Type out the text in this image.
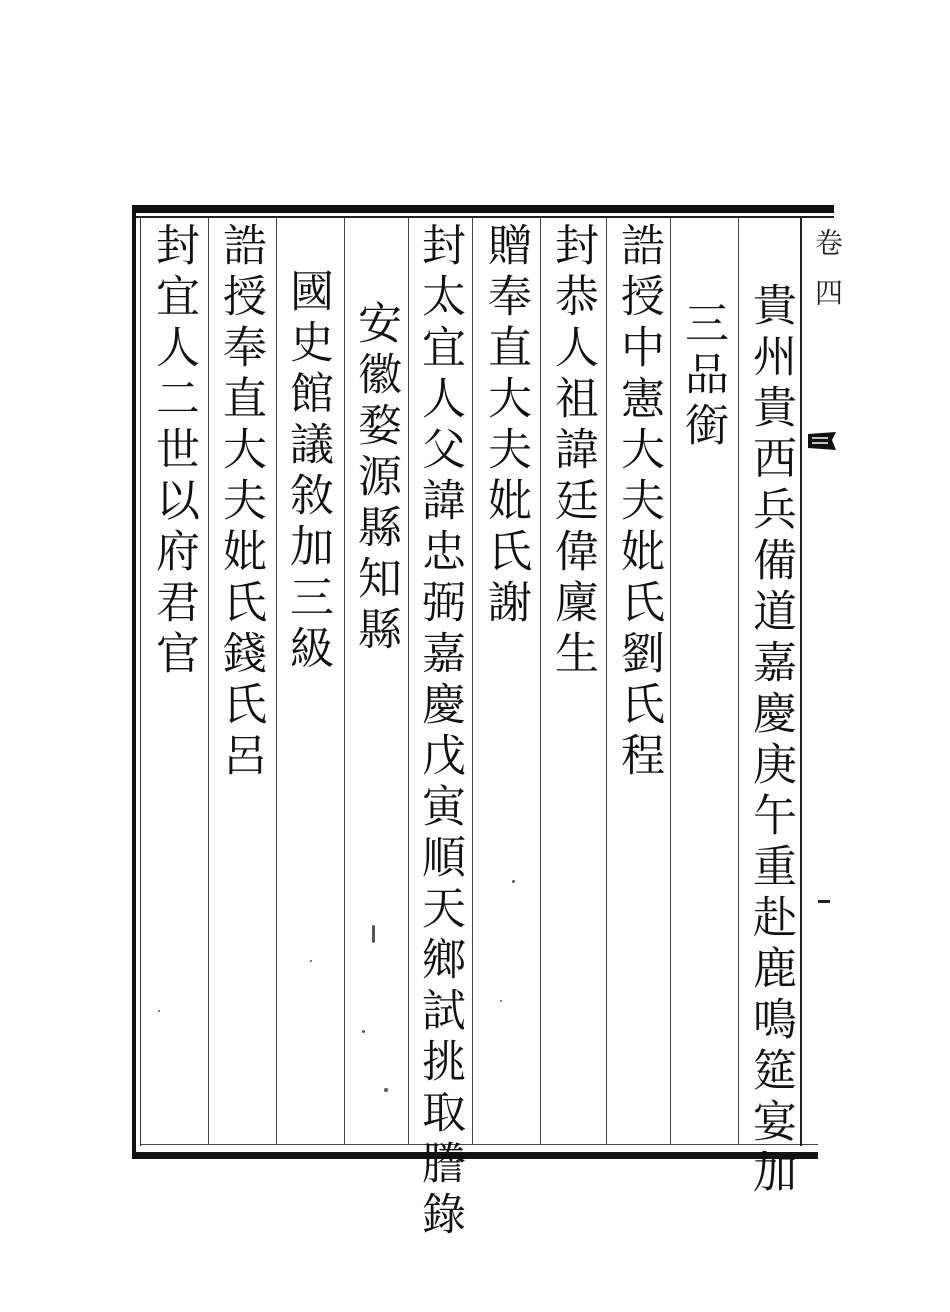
卷四
貴州貴西兵備道嘉慶庚午重赴鹿鳴筵宴加
三品銜
誥授中憲大夫妣氏劉氏程
封恭人祖諱廷偉廩生
贈奉直大夫妣氏謝
封太宜人父諱忠弼嘉慶戊寅順天鄉試挑取謄錄
安徽婺源縣知縣
國史館議敘加三級
誥授奉直大夫妣氏錢氏呂
封宜人二世以府君官
